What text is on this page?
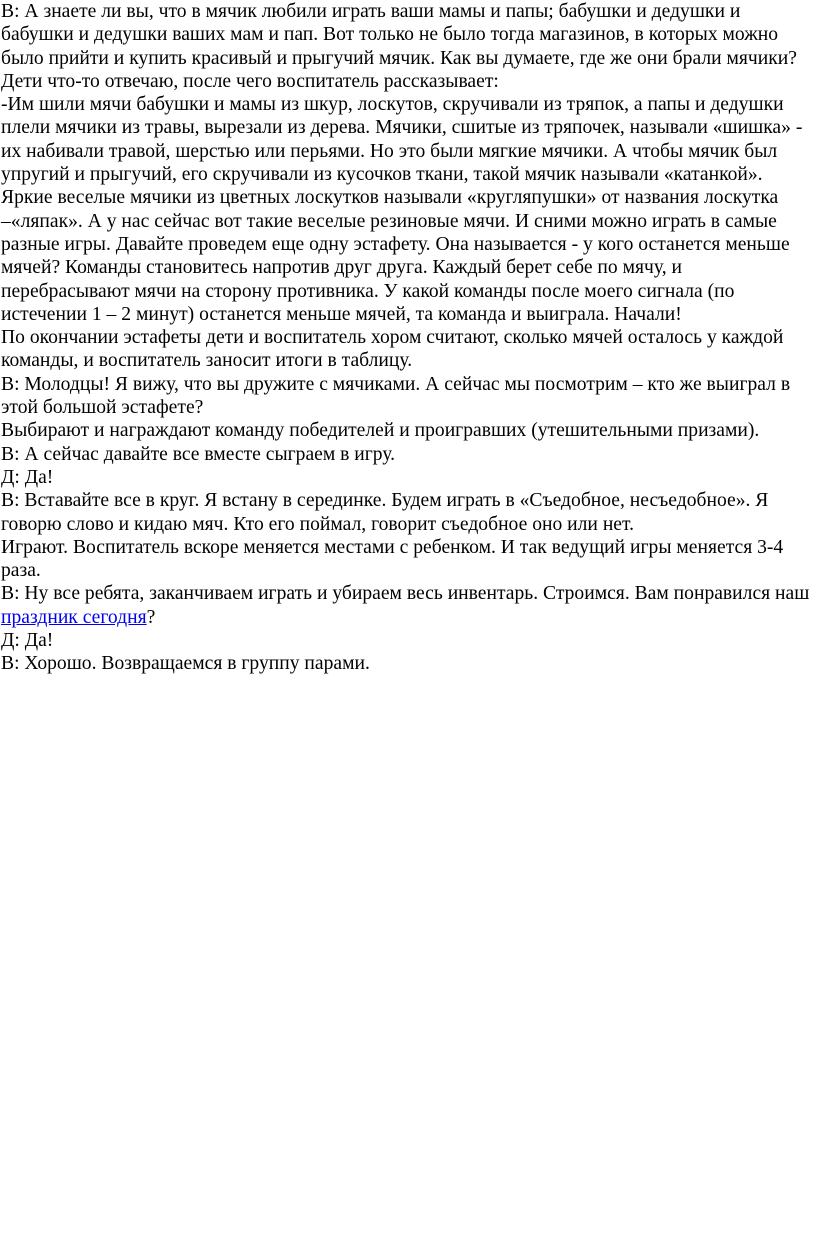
В: А знаете ли вы, что в мячик любили играть ваши мамы и папы; бабушки и дедушки и бабушки и дедушки ваших мам и пап. Вот только не было тогда магазинов, в которых можно было прийти и купить красивый и прыгучий мячик. Как вы думаете, где же они брали мячики?

Дети что-то отвечаю, после чего воспитатель рассказывает:

-Им шили мячи бабушки и мамы из шкур, лоскутов, скручивали из тряпок, а папы и дедушки плели мячики из травы, вырезали из дерева. Мячики, сшитые из тряпочек, называли «шишка» - их набивали травой, шерстью или перьями. Но это были мягкие мячики. А чтобы мячик был упругий и прыгучий, его скручивали из кусочков ткани, такой мячик называли «катанкой». Яркие веселые мячики из цветных лоскутков называли «кругляпушки» от названия лоскутка –«ляпак». А у нас сейчас вот такие веселые резиновые мячи. И сними можно играть в самые разные игры. Давайте проведем еще одну эстафету. Она называется - у кого останется меньше мячей? Команды становитесь напротив друг друга. Каждый берет себе по мячу, и перебрасывают мячи на сторону противника. У какой команды после моего сигнала (по истечении 1 – 2 минут) останется меньше мячей, та команда и выиграла. Начали!

По окончании эстафеты дети и воспитатель хором считают, сколько мячей осталось у каждой команды, и воспитатель заносит итоги в таблицу.

В: Молодцы! Я вижу, что вы дружите с мячиками. А сейчас мы посмотрим – кто же выиграл в этой большой эстафете?

Выбирают и награждают команду победителей и проигравших (утешительными призами).

В: А сейчас давайте все вместе сыграем в игру.

Д: Да!

В: Вставайте все в круг. Я встану в серединке. Будем играть в «Съедобное, несъедобное». Я говорю слово и кидаю мяч. Кто его поймал, говорит съедобное оно или нет.

Играют. Воспитатель вскоре меняется местами с ребенком. И так ведущий игры меняется 3-4 раза.

В: Ну все ребята, заканчиваем играть и убираем весь инвентарь. Строимся. Вам понравился наш праздник сегодня?

Д: Да!

В: Хорошо. Возвращаемся в группу парами.
